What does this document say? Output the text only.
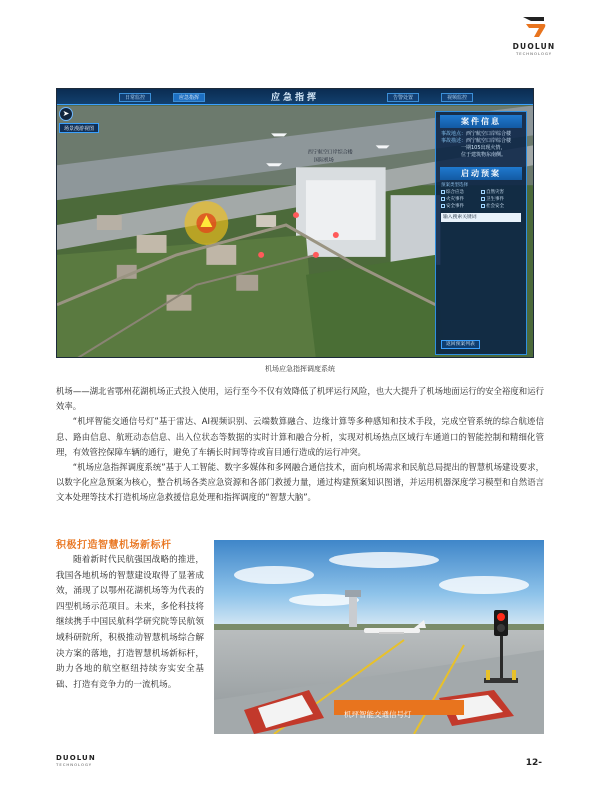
DUOLUN
TECHNOLOGY
西宁航空口岸综合楼
国际机场
日常监控	应急指挥	应急指挥	告警处置	视频监控
➤
场景漫游视图
案件信息
事故地点：西宁航空口岸综合楼
事故描述：西宁航空口岸综合楼
一期105出现火情，
位于建筑物东南侧。
启动预案
预案类型选择
综合应急	自然灾害
火灾事件	卫生事件
安全事件	社会安全
输入搜索关键词
返回预案列表
机场应急指挥调度系统

机场——湖北省鄂州花湖机场正式投入使用，运行至今不仅有效降低了机坪运行风险，也大大提升了机场地面运行的安全裕度和运行效率。

“机坪智能交通信号灯”基于雷达、AI视频识别、云端数算融合、边缘计算等多种感知和技术手段，完成空管系统的综合航迹信息、路由信息、航班动态信息、出入位状态等数据的实时计算和融合分析，实现对机场热点区域行车通道口的智能控制和精细化管理，有效管控保障车辆的通行，避免了车辆长时间等待或盲目通行造成的运行冲突。

“机场应急指挥调度系统”基于人工智能、数字多媒体和多网融合通信技术，面向机场需求和民航总局提出的智慧机场建设要求，以数字化应急预案为核心，整合机场各类应急资源和各部门救援力量，通过构建预案知识图谱，并运用机器深度学习模型和自然语言文本处理等技术打造机场应急救援信息处理和指挥调度的“智慧大脑”。

积极打造智慧机场新标杆
随着新时代民航强国战略的推进，我国各地机场的智慧建设取得了显著成效，涌现了以鄂州花湖机场等为代表的四型机场示范项目。未来，多伦科技将继续携手中国民航科学研究院等民航领域科研院所，积极推动智慧机场综合解决方案的落地，打造智慧机场新标杆，助力各地的航空枢纽持续夯实安全基础、打造有竞争力的一流机场。
机坪智能交通信号灯
DUOLUN
TECHNOLOGY	12-
